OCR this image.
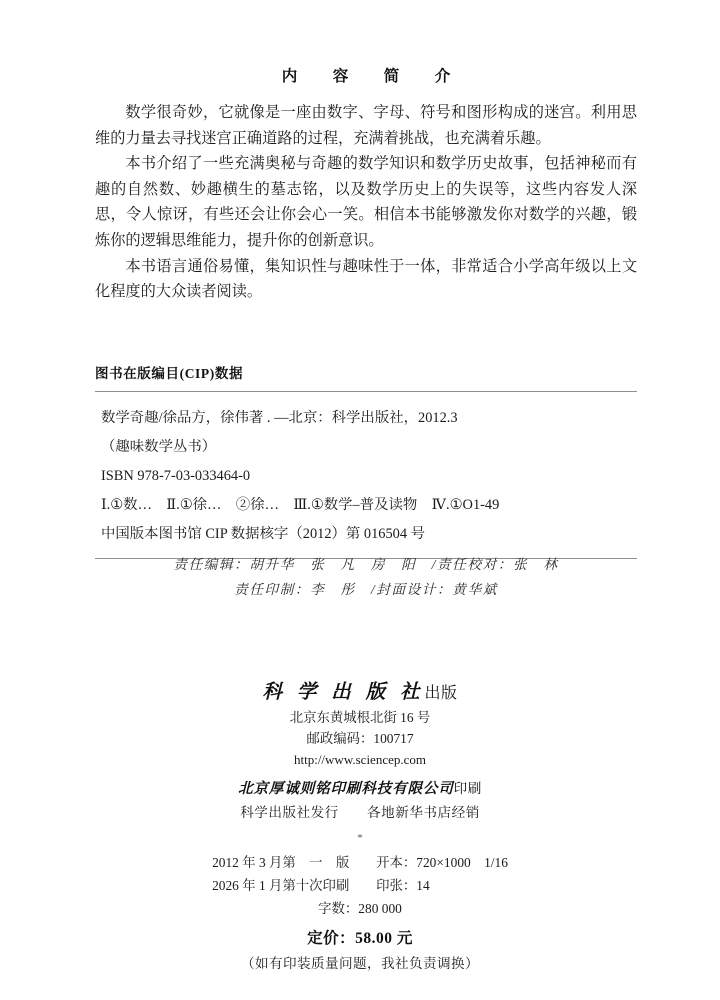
内　容　简　介

数学很奇妙，它就像是一座由数字、字母、符号和图形构成的迷宫。利用思维的力量去寻找迷宫正确道路的过程，充满着挑战，也充满着乐趣。

本书介绍了一些充满奥秘与奇趣的数学知识和数学历史故事，包括神秘而有趣的自然数、妙趣横生的墓志铭，以及数学历史上的失误等，这些内容发人深思，令人惊讶，有些还会让你会心一笑。相信本书能够激发你对数学的兴趣，锻炼你的逻辑思维能力，提升你的创新意识。

本书语言通俗易懂，集知识性与趣味性于一体，非常适合小学高年级以上文化程度的大众读者阅读。

图书在版编目(CIP)数据
数学奇趣/徐品方，徐伟著 . —北京：科学出版社，2012.3
（趣味数学丛书）
ISBN 978-7-03-033464-0
Ⅰ.①数…　Ⅱ.①徐…　②徐…　Ⅲ.①数学–普及读物　Ⅳ.①O1-49
中国版本图书馆 CIP 数据核字（2012）第 016504 号
责任编辑：胡升华　张　凡　房　阳　/责任校对：张　林
责任印制：李　彤　/封面设计：黄华斌
科 学 出 版 社出版
北京东黄城根北街 16 号
邮政编码：100717
http://www.sciencep.com
北京厚诚则铭印刷科技有限公司印刷
科学出版社发行　　各地新华书店经销
*
2012 年 3 月第　一　版　　开本：720×1000　1/16
2026 年 1 月第十次印刷　　印张：14
字数：280 000
定价：58.00 元
（如有印装质量问题，我社负责调换）
